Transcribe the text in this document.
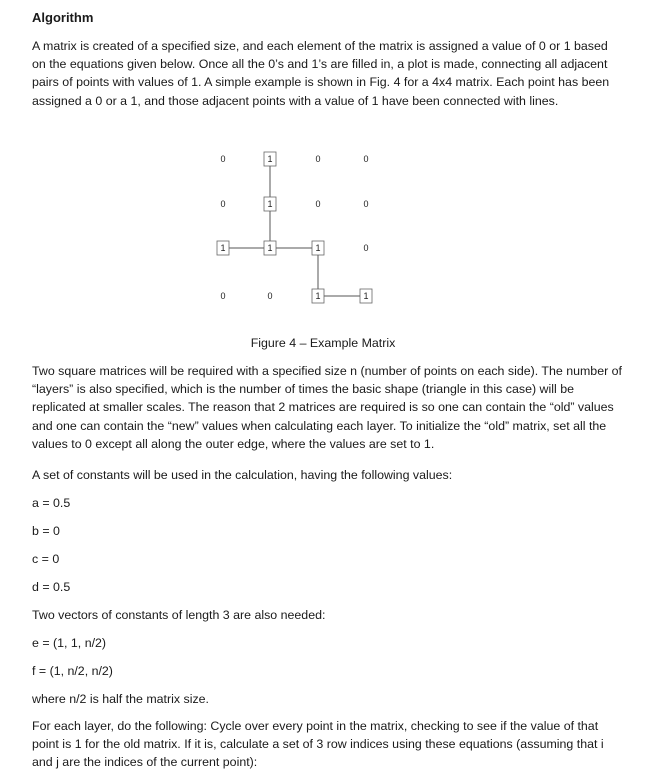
Algorithm
A matrix is created of a specified size, and each element of the matrix is assigned a value of 0 or 1 based on the equations given below. Once all the 0’s and 1’s are filled in, a plot is made, connecting all adjacent pairs of points with values of 1. A simple example is shown in Fig. 4 for a 4x4 matrix. Each point has been assigned a 0 or a 1, and those adjacent points with a value of 1 have been connected with lines.
0	1	0	0
0	1	0	0
1	1	1	0
0	0	1	1
Figure 4 – Example Matrix
Two square matrices will be required with a specified size n (number of points on each side). The number of “layers” is also specified, which is the number of times the basic shape (triangle in this case) will be replicated at smaller scales. The reason that 2 matrices are required is so one can contain the “old” values and one can contain the “new” values when calculating each layer. To initialize the “old” matrix, set all the values to 0 except all along the outer edge, where the values are set to 1.
A set of constants will be used in the calculation, having the following values:
a = 0.5
b = 0
c = 0
d = 0.5
Two vectors of constants of length 3 are also needed:
e = (1, 1, n/2)
f = (1, n/2, n/2)
where n/2 is half the matrix size.
For each layer, do the following: Cycle over every point in the matrix, checking to see if the value of that point is 1 for the old matrix. If it is, calculate a set of 3 row indices using these equations (assuming that i and j are the indices of the current point):
